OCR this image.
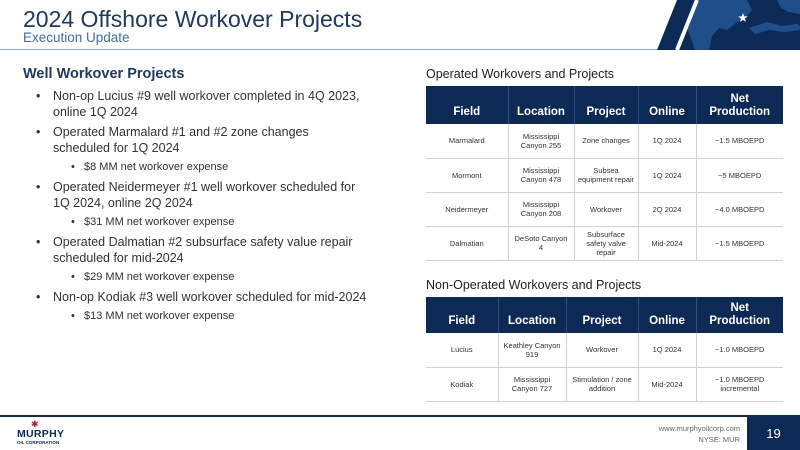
2024 Offshore Workover Projects
Execution Update
Well Workover Projects
• Non-op Lucius #9 well workover completed in 4Q 2023, online 1Q 2024
• Operated Marmalard #1 and #2 zone changes scheduled for 1Q 2024
• $8 MM net workover expense
• Operated Neidermeyer #1 well workover scheduled for 1Q 2024, online 2Q 2024
• $31 MM net workover expense
• Operated Dalmatian #2 subsurface safety value repair scheduled for mid-2024
• $29 MM net workover expense
• Non-op Kodiak #3 well workover scheduled for mid-2024
• $13 MM net workover expense
Operated Workovers and Projects
Field	Location	Project	Online	Net Production
Marmalard	Mississippi Canyon 255	Zone changes	1Q 2024	~1.5 MBOEPD
Mormont	Mississippi Canyon 478	Subsea equipment repair	1Q 2024	~5 MBOEPD
Neidermeyer	Mississippi Canyon 208	Workover	2Q 2024	~4.0 MBOEPD
Dalmatian	DeSoto Canyon 4	Subsurface safety valve repair	Mid-2024	~1.5 MBOEPD
Non-Operated Workovers and Projects
Field	Location	Project	Online	Net Production
Lucius	Keathley Canyon 919	Workover	1Q 2024	~1.0 MBOEPD
Kodiak	Mississippi Canyon 727	Stimulation / zone addition	Mid-2024	~1.0 MBOEPD incremental
✱
MURPHY
OIL CORPORATION
www.murphyoilcorp.com
NYSE: MUR	19
